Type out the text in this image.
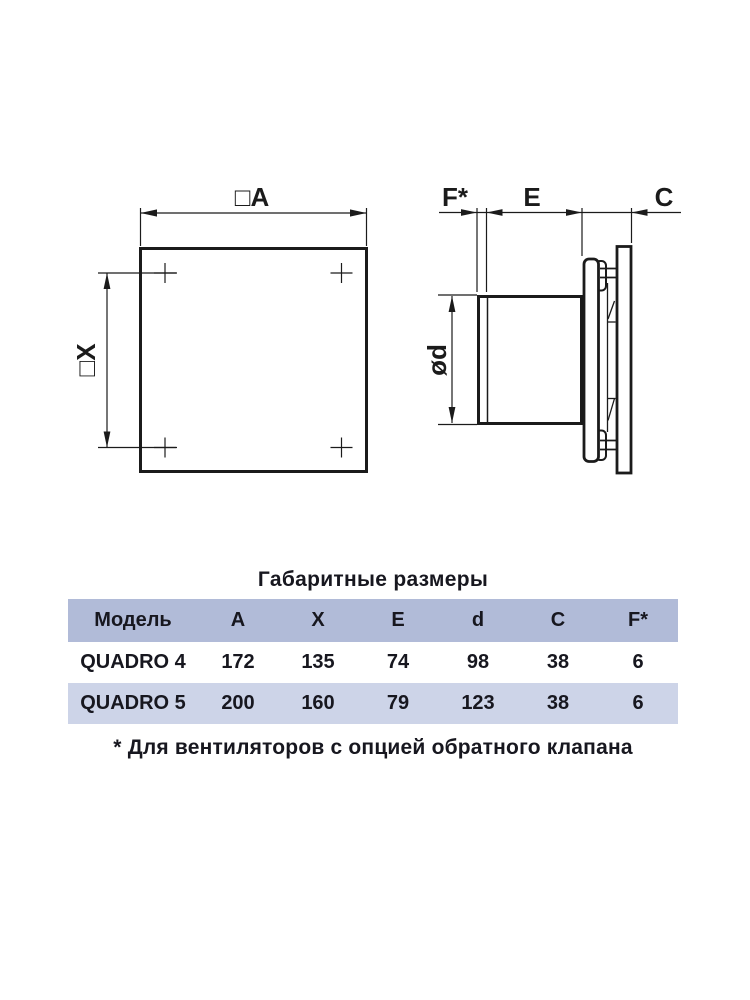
□A
□X
F* E	C
ød
Габаритные размеры
Модель	A	X	E	d	C	F*
QUADRO 4	172	135	74	98	38	6
QUADRO 5	200	160	79	123	38	6
* Для вентиляторов с опцией обратного клапана
